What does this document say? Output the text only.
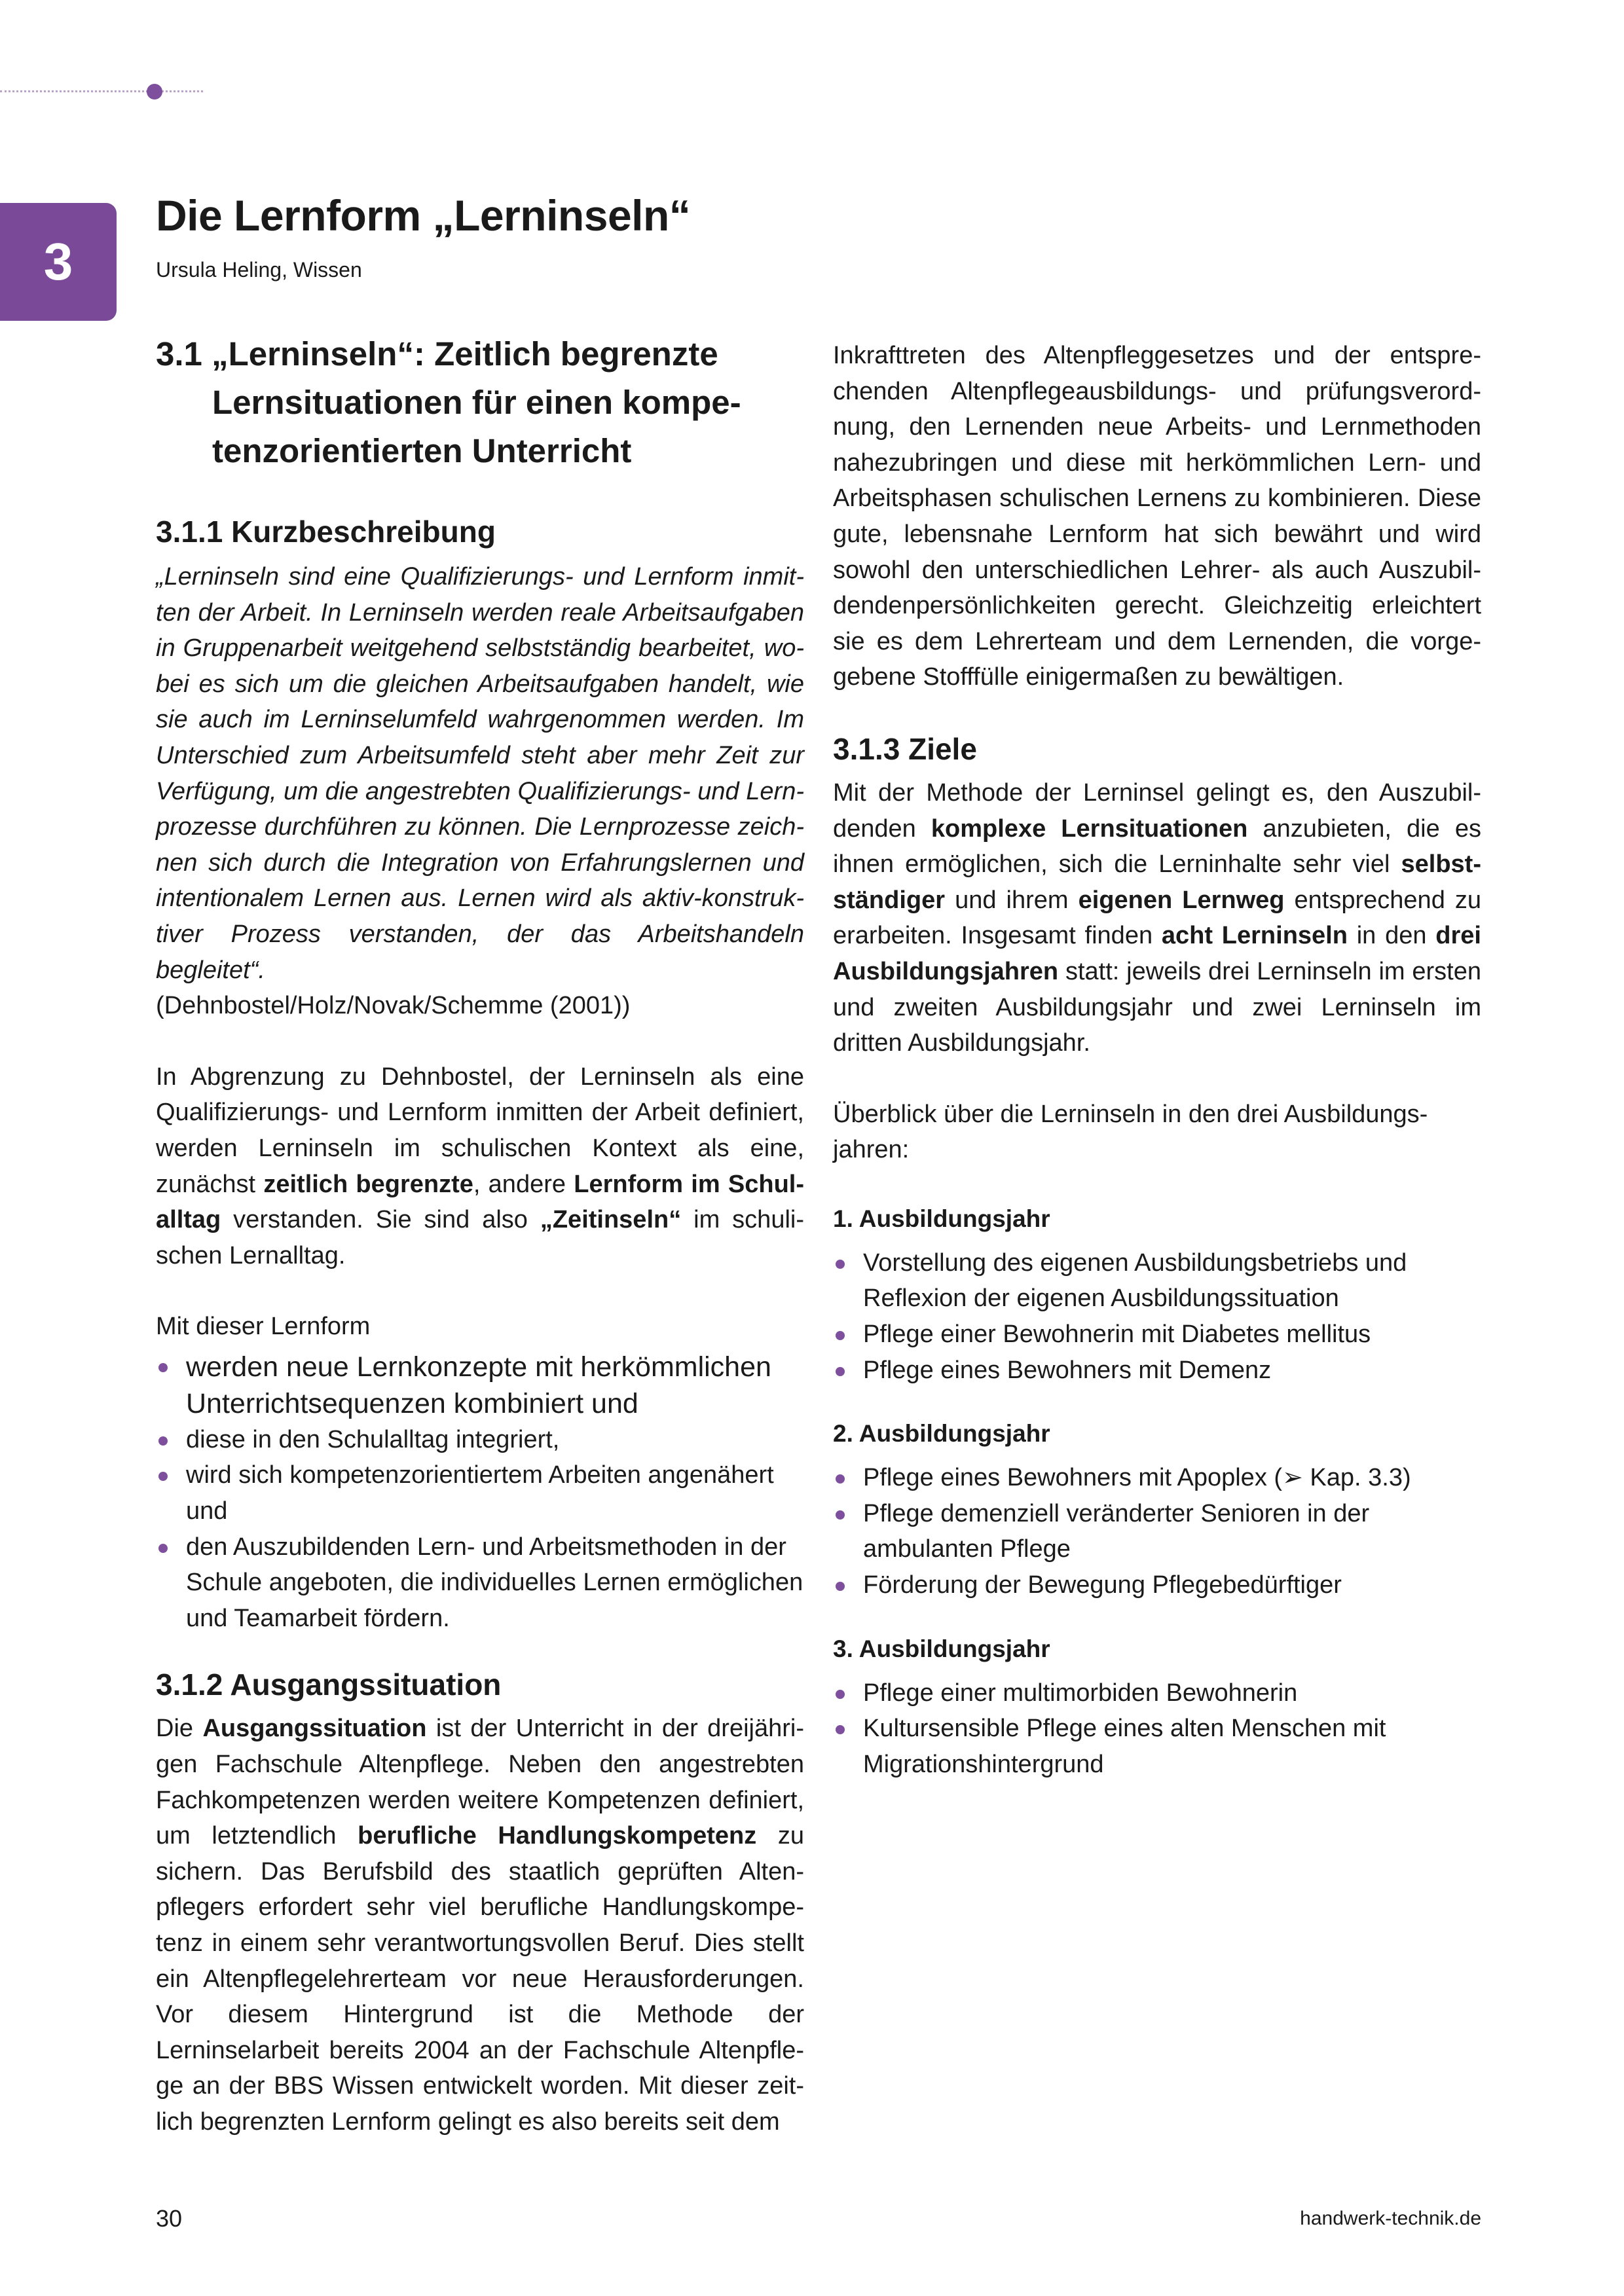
3
Die Lernform „Lerninseln“
Ursula Heling, Wissen
3.1 „Lerninseln“: Zeitlich begrenzte Lernsituationen für einen kompetenzorientierten Unterricht
3.1.1 Kurzbeschreibung

„Lerninseln sind eine Qualifizierungs- und Lernform inmitten der Arbeit. In Lerninseln werden reale Arbeitsaufgaben in Gruppenarbeit weitgehend selbstständig bearbeitet, wobei es sich um die gleichen Arbeitsaufgaben handelt, wie sie auch im Lerninselumfeld wahrgenommen werden. Im Unterschied zum Arbeitsumfeld steht aber mehr Zeit zur Verfügung, um die angestrebten Qualifizierungs- und Lernprozesse durchführen zu können. Die Lernprozesse zeichnen sich durch die Integration von Erfahrungslernen und intentionalem Lernen aus. Lernen wird als aktiv-konstruktiver Prozess verstanden, der das Arbeitshandeln begleitet“.

(Dehnbostel/Holz/Novak/Schemme (2001))

In Abgrenzung zu Dehnbostel, der Lerninseln als eine Qualifizierungs- und Lernform inmitten der Arbeit definiert, werden Lerninseln im schulischen Kontext als eine, zunächst zeitlich begrenzte, andere Lernform im Schulalltag verstanden. Sie sind also „Zeitinseln“ im schulischen Lernalltag.

Mit dieser Lernform

werden neue Lernkonzepte mit herkömmlichen Unterrichtsequenzen kombiniert und
diese in den Schulalltag integriert,
wird sich kompetenzorientiertem Arbeiten angenähert und
den Auszubildenden Lern- und Arbeitsmethoden in der Schule angeboten, die individuelles Lernen ermöglichen und Teamarbeit fördern.
3.1.2 Ausgangssituation

Die Ausgangssituation ist der Unterricht in der dreijährigen Fachschule Altenpflege. Neben den angestrebten Fachkompetenzen werden weitere Kompetenzen definiert, um letztendlich berufliche Handlungskompetenz zu sichern. Das Berufsbild des staatlich geprüften Altenpflegers erfordert sehr viel berufliche Handlungskompetenz in einem sehr verantwortungsvollen Beruf. Dies stellt ein Altenpflegelehrerteam vor neue Herausforderungen. Vor diesem Hintergrund ist die Methode der Lerninselarbeit bereits 2004 an der Fachschule Altenpflege an der BBS Wissen entwickelt worden. Mit dieser zeitlich begrenzten Lernform gelingt es also bereits seit dem

Inkrafttreten des Altenpfleggesetzes und der entsprechenden Altenpflegeausbildungs- und prüfungsverordnung, den Lernenden neue Arbeits- und Lernmethoden nahezubringen und diese mit herkömmlichen Lern- und Arbeitsphasen schulischen Lernens zu kombinieren. Diese gute, lebensnahe Lernform hat sich bewährt und wird sowohl den unterschiedlichen Lehrer- als auch Auszubildendenpersönlichkeiten gerecht. Gleichzeitig erleichtert sie es dem Lehrerteam und dem Lernenden, die vorgegebene Stofffülle einigermaßen zu bewältigen.

3.1.3 Ziele

Mit der Methode der Lerninsel gelingt es, den Auszubildenden komplexe Lernsituationen anzubieten, die es ihnen ermöglichen, sich die Lerninhalte sehr viel selbstständiger und ihrem eigenen Lernweg entsprechend zu erarbeiten. Insgesamt finden acht Lerninseln in den drei Ausbildungsjahren statt: jeweils drei Lerninseln im ersten und zweiten Ausbildungsjahr und zwei Lerninseln im dritten Ausbildungsjahr.

Überblick über die Lerninseln in den drei Ausbildungsjahren:

1. Ausbildungsjahr
Vorstellung des eigenen Ausbildungsbetriebs und Reflexion der eigenen Ausbildungssituation
Pflege einer Bewohnerin mit Diabetes mellitus
Pflege eines Bewohners mit Demenz
2. Ausbildungsjahr
Pflege eines Bewohners mit Apoplex (➢ Kap. 3.3)
Pflege demenziell veränderter Senioren in der ambulanten Pflege
Förderung der Bewegung Pflegebedürftiger
3. Ausbildungsjahr
Pflege einer multimorbiden Bewohnerin
Kultursensible Pflege eines alten Menschen mit Migrationshintergrund
30	handwerk-technik.de
